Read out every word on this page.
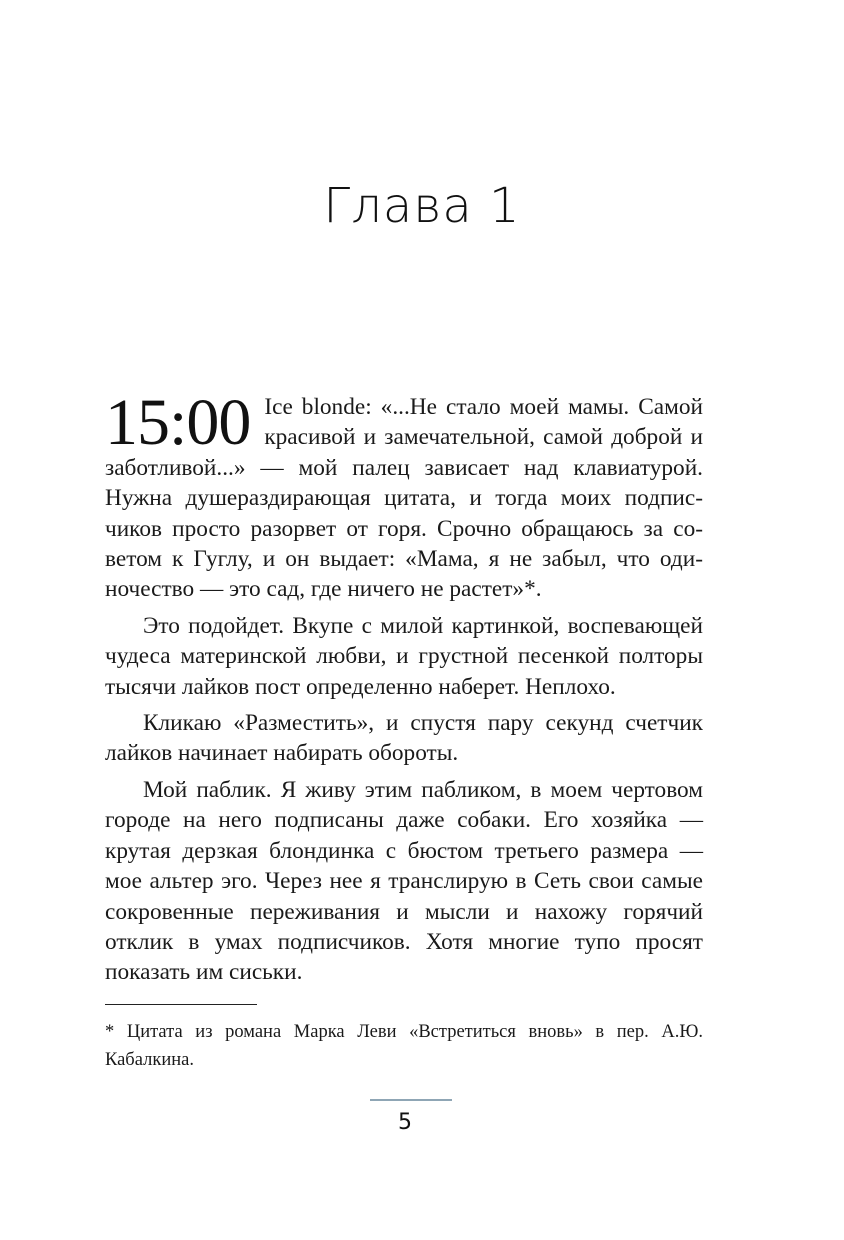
Глава 1

15:00 Ice blonde: «...Не стало моей мамы. Самой красивой и замечательной, самой доброй и заботливой...» — мой палец зависает над клавиатурой. Нужна душераздирающая цитата, и тогда моих подписчиков просто разорвет от горя. Срочно обращаюсь за советом к Гуглу, и он выдает: «Мама, я не забыл, что одиночество — это сад, где ничего не растет»*.

Это подойдет. Вкупе с милой картинкой, воспевающей чудеса материнской любви, и грустной песенкой полторы тысячи лайков пост определенно наберет. Неплохо.

Кликаю «Разместить», и спустя пару секунд счетчик лайков начинает набирать обороты.

Мой паблик. Я живу этим пабликом, в моем чертовом городе на него подписаны даже собаки. Его хозяйка — крутая дерзкая блондинка с бюстом третьего размера — мое альтер эго. Через нее я транслирую в Сеть свои самые сокровенные переживания и мысли и нахожу горячий отклик в умах подписчиков. Хотя многие тупо просят показать им сиськи.

* Цитата из романа Марка Леви «Встретиться вновь» в пер. А.Ю. Кабалкина.
5
